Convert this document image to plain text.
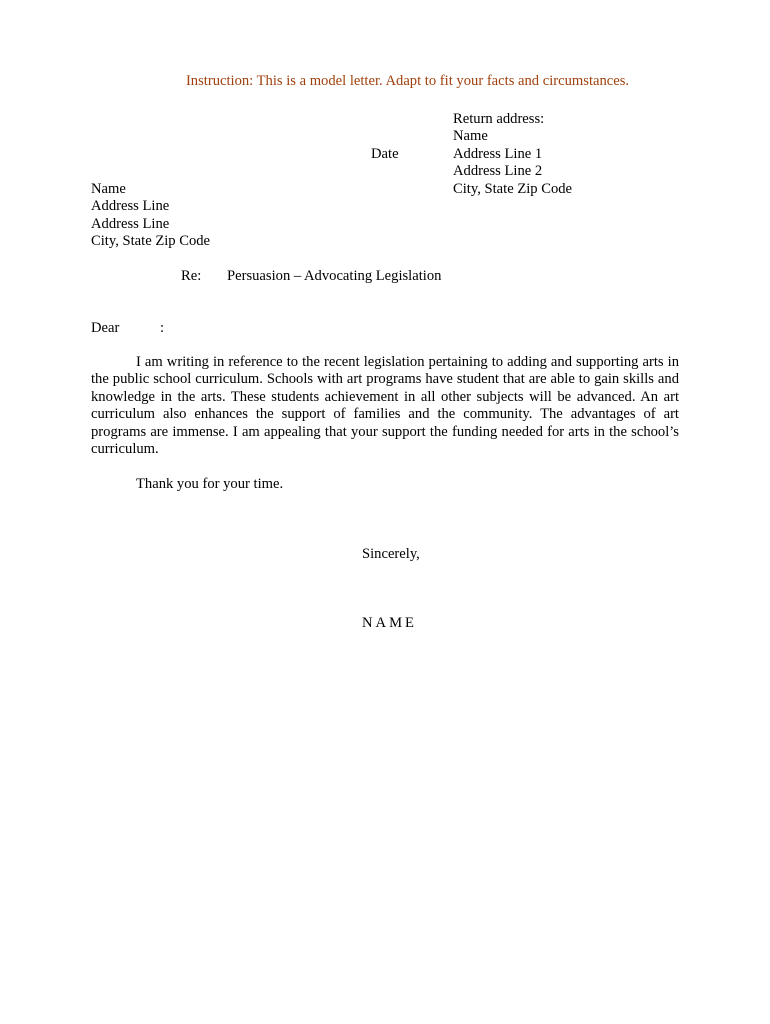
Instruction: This is a model letter. Adapt to fit your facts and circumstances.
Return address:
Name
Address Line 1
Address Line 2
City, State Zip Code
Date
Name
Address Line
Address Line
City, State Zip Code
Re: Persuasion – Advocating Legislation
Dear	:
I am writing in reference to the recent legislation pertaining to adding and supporting arts in the public school curriculum. Schools with art programs have student that are able to gain skills and knowledge in the arts. These students achievement in all other subjects will be advanced. An art curriculum also enhances the support of families and the community. The advantages of art programs are immense. I am appealing that your support the funding needed for arts in the school’s curriculum.
Thank you for your time.
Sincerely,
NAME
